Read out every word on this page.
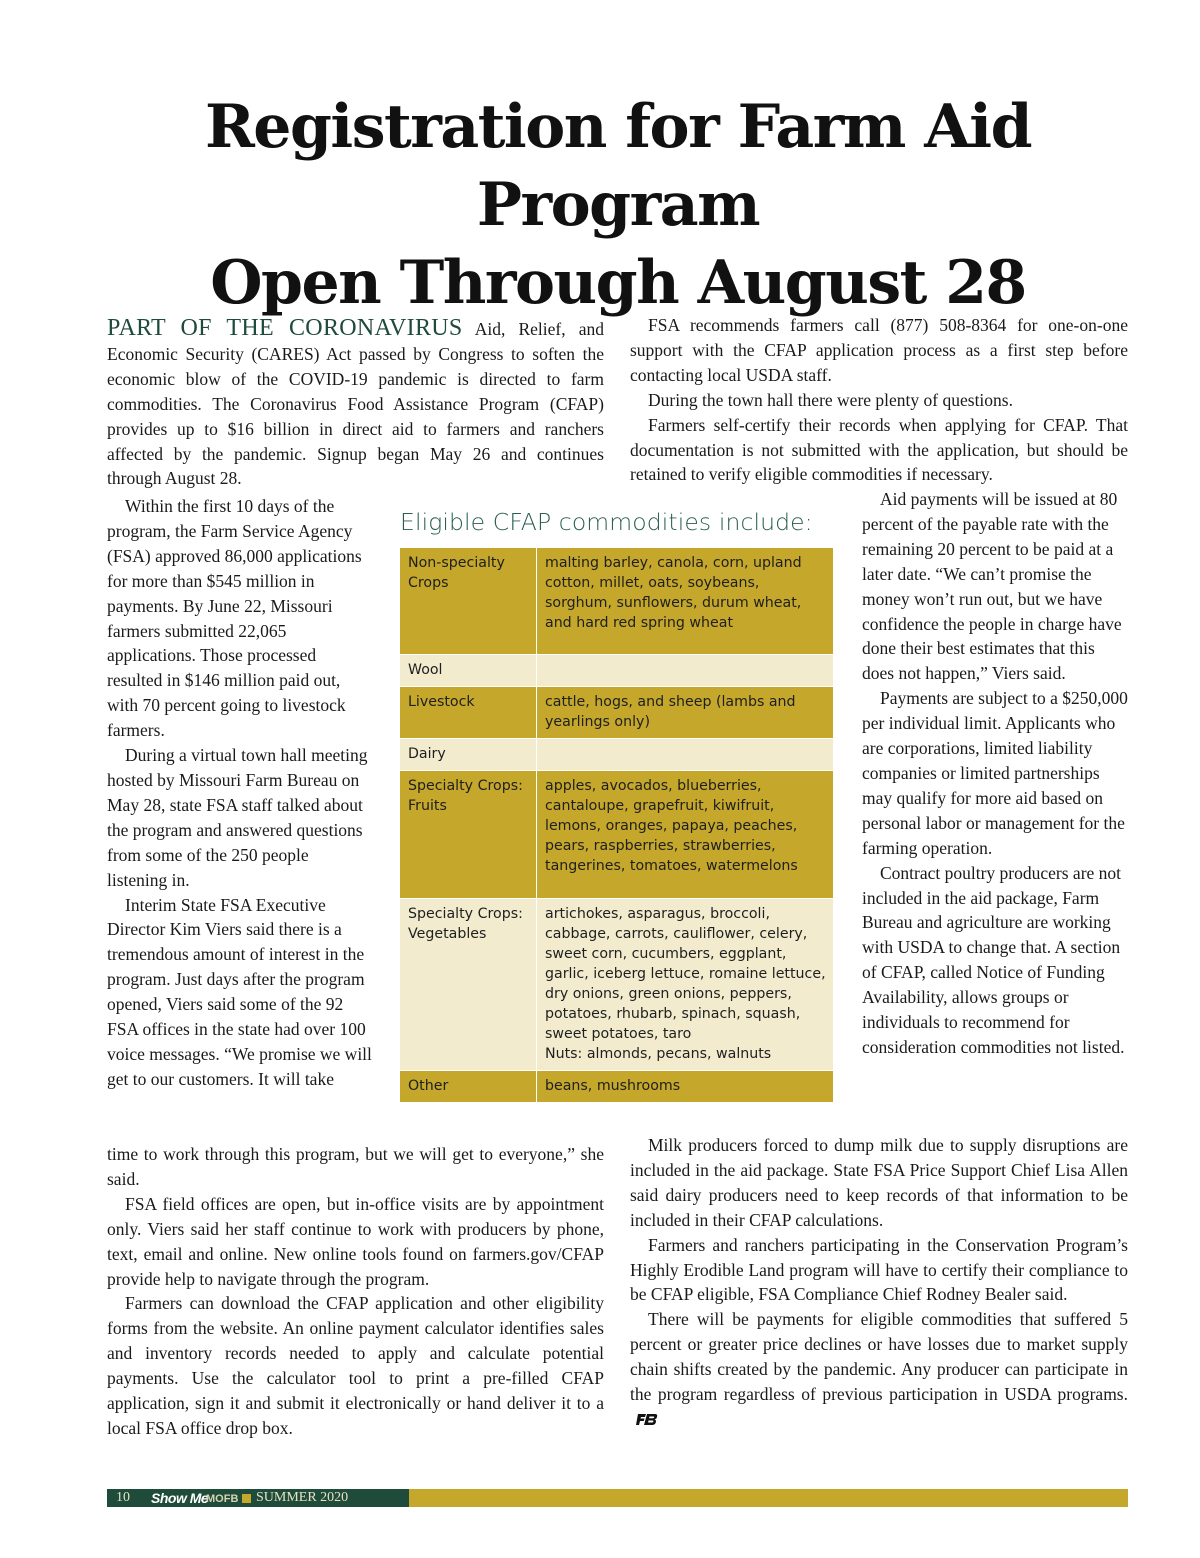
Registration for Farm Aid Program
Open Through August 28

PART OF THE CORONAVIRUS Aid, Relief, and Economic Security (CARES) Act passed by Congress to soften the economic blow of the COVID-19 pandemic is directed to farm commodities. The Coronavirus Food Assistance Program (CFAP) provides up to $16 billion in direct aid to farmers and ranchers affected by the pandemic. Signup began May 26 and continues through August 28.

Within the first 10 days of the program, the Farm Service Agency (FSA) approved 86,000 applications for more than $545 million in payments. By June 22, Missouri farmers submitted 22,065 applications. Those processed resulted in $146 million paid out, with 70 percent going to livestock farmers.

During a virtual town hall meeting hosted by Missouri Farm Bureau on May 28, state FSA staff talked about the program and answered questions from some of the 250 people listening in.

Interim State FSA Executive Director Kim Viers said there is a tremendous amount of interest in the program. Just days after the program opened, Viers said some of the 92 FSA offices in the state had over 100 voice messages. “We promise we will get to our customers. It will take

time to work through this program, but we will get to everyone,” she said.

FSA field offices are open, but in-office visits are by appointment only. Viers said her staff continue to work with producers by phone, text, email and online. New online tools found on farmers.gov/CFAP provide help to navigate through the program.

Farmers can download the CFAP application and other eligibility forms from the website. An online payment calculator identifies sales and inventory records needed to apply and calculate potential payments. Use the calculator tool to print a pre-filled CFAP application, sign it and submit it electronically or hand deliver it to a local FSA office drop box.

Eligible CFAP commodities include:
Non-specialty Crops	malting barley, canola, corn, upland cotton, millet, oats, soybeans, sorghum, sunflowers, durum wheat, and hard red spring wheat
Wool	
Livestock	cattle, hogs, and sheep (lambs and yearlings only)
Dairy	
Specialty Crops: Fruits	apples, avocados, blueberries, cantaloupe, grapefruit, kiwifruit, lemons, oranges, papaya, peaches, pears, raspberries, strawberries, tangerines, tomatoes, watermelons
Specialty Crops: Vegetables	artichokes, asparagus, broccoli, cabbage, carrots, cauliflower, celery, sweet corn, cucumbers, eggplant, garlic, iceberg lettuce, romaine lettuce, dry onions, green onions, peppers, potatoes, rhubarb, spinach, squash, sweet potatoes, taro
Nuts: almonds, pecans, walnuts
Other	beans, mushrooms

FSA recommends farmers call (877) 508-8364 for one-on-one support with the CFAP application process as a first step before contacting local USDA staff.

During the town hall there were plenty of questions.

Farmers self-certify their records when applying for CFAP. That documentation is not submitted with the application, but should be retained to verify eligible commodities if necessary.

Aid payments will be issued at 80 percent of the payable rate with the remaining 20 percent to be paid at a later date. “We can’t promise the money won’t run out, but we have confidence the people in charge have done their best estimates that this does not happen,” Viers said.

Payments are subject to a $250,000 per individual limit. Applicants who are corporations, limited liability companies or limited partnerships may qualify for more aid based on personal labor or management for the farming operation.

Contract poultry producers are not included in the aid package, Farm Bureau and agriculture are working with USDA to change that. A section of CFAP, called Notice of Funding Availability, allows groups or individuals to recommend for consideration commodities not listed.

Milk producers forced to dump milk due to supply disruptions are included in the aid package. State FSA Price Support Chief Lisa Allen said dairy producers need to keep records of that information to be included in their CFAP calculations.

Farmers and ranchers participating in the Conservation Program’s Highly Erodible Land program will have to certify their compliance to be CFAP eligible, FSA Compliance Chief Rodney Bealer said.

There will be payments for eligible commodities that suffered 5 percent or greater price declines or have losses due to market supply chain shifts created by the pandemic. Any producer can participate in the program regardless of previous participation in USDA programs.

10 Show Me
MOFB SUMMER 2020
